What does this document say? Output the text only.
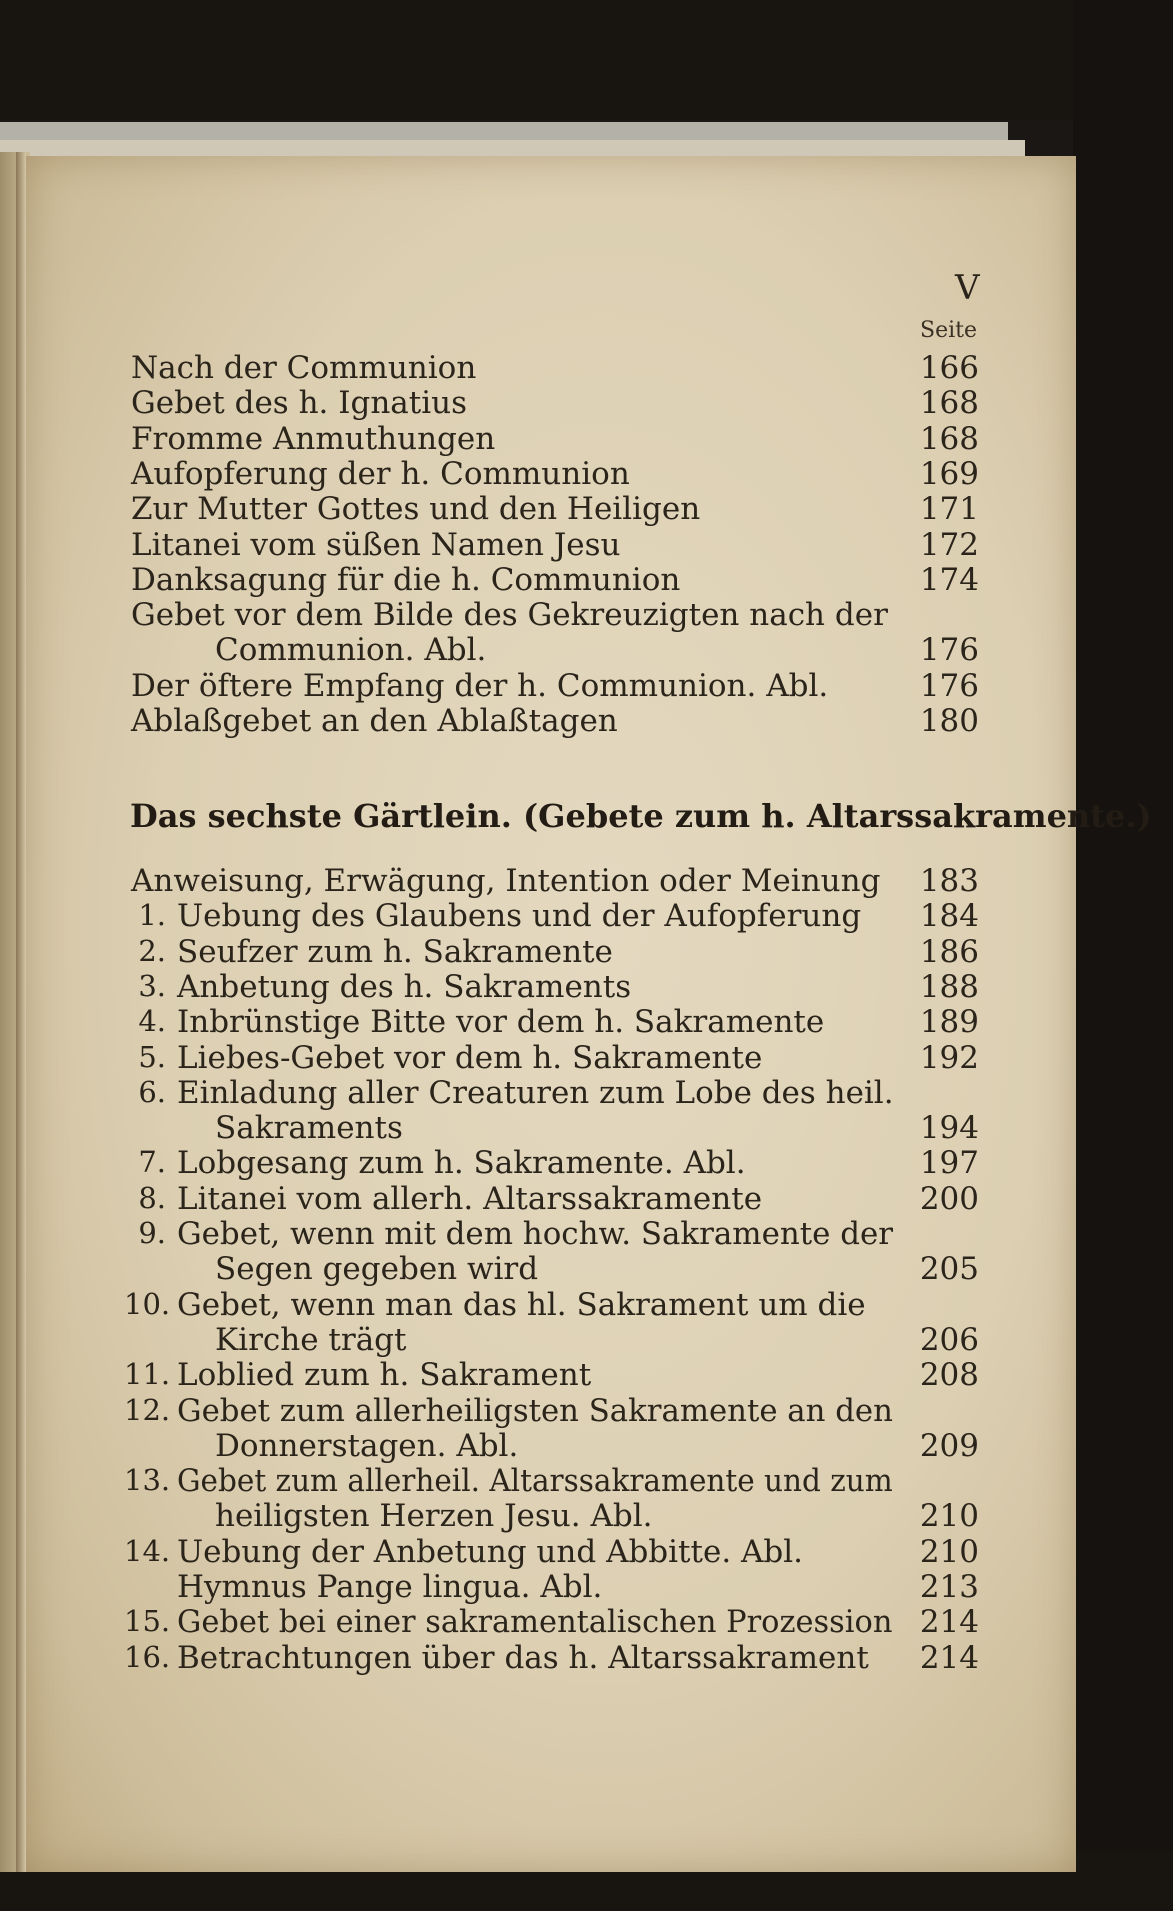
V
Seite
Das sechste Gärtlein. (Gebete zum h. Altarssakramente.)
Nach der Communion	166
Gebet des h. Ignatius	168
Fromme Anmuthungen	168
Aufopferung der h. Communion	169
Zur Mutter Gottes und den Heiligen	171
Litanei vom süßen Namen Jesu	172
Danksagung für die h. Communion	174
Gebet vor dem Bilde des Gekreuzigten nach der
Communion. Abl.	176
Der öftere Empfang der h. Communion. Abl.	176
Ablaßgebet an den Ablaßtagen	180
Anweisung, Erwägung, Intention oder Meinung	183
1. Uebung des Glaubens und der Aufopferung	184
2. Seufzer zum h. Sakramente	186
3. Anbetung des h. Sakraments	188
4. Inbrünstige Bitte vor dem h. Sakramente	189
5. Liebes-Gebet vor dem h. Sakramente	192
6. Einladung aller Creaturen zum Lobe des heil.
Sakraments	194
7. Lobgesang zum h. Sakramente. Abl.	197
8. Litanei vom allerh. Altarssakramente	200
9. Gebet, wenn mit dem hochw. Sakramente der
Segen gegeben wird	205
10. Gebet, wenn man das hl. Sakrament um die
Kirche trägt	206
11. Loblied zum h. Sakrament	208
12. Gebet zum allerheiligsten Sakramente an den
Donnerstagen. Abl.	209
13. Gebet zum allerheil. Altarssakramente und zum
heiligsten Herzen Jesu. Abl.	210
14. Uebung der Anbetung und Abbitte. Abl.	210
Hymnus Pange lingua. Abl.	213
15. Gebet bei einer sakramentalischen Prozession 214
16. Betrachtungen über das h. Altarssakrament	214
